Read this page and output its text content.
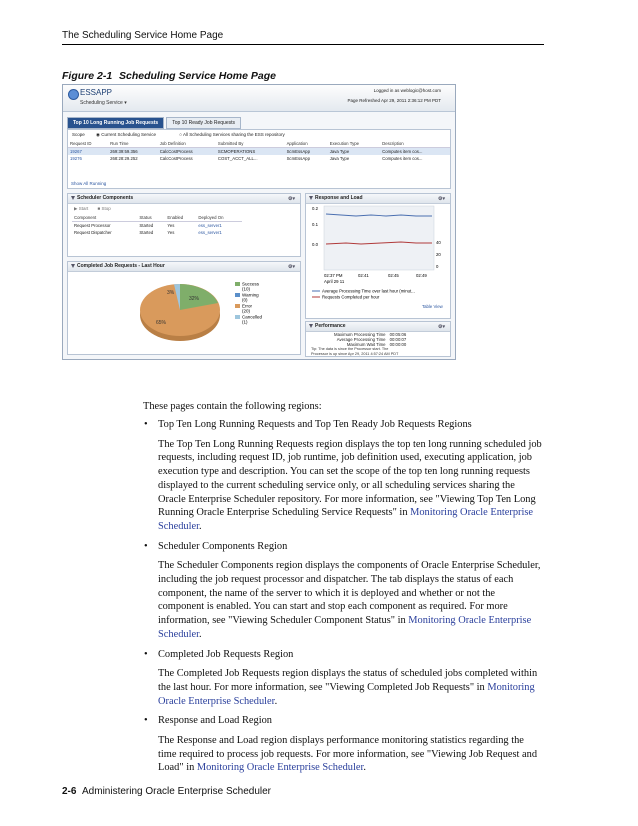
The Scheduling Service Home Page
Figure 2-1 Scheduling Service Home Page
ESSAPP
Scheduling Service ▾
Logged in as weblogic@host.com
Page Refreshed Apr 29, 2011 2:36:12 PM PDT
Top 10 Long Running Job Requests	Top 10 Ready Job Requests
Scope	◉ Current Scheduling Service	○ All Scheduling Services sharing the ESS repository
Request ID	Run Time	Job Definition	Submitted By	Application	Execution Type	Description
19267	269:39:59.356	CalcCostProcess	SCMOPERATIONS	ScmEssApp	Java Type	Computes item cos...
19276	268:28:29.252	CalcCostProcess	COST_ACCT_ALL...	ScmEssApp	Java Type	Computes item cos...
Show All Running
Scheduler Components	⚙▾
▶ Start ■ Stop
Component	Status	Enabled	Deployed On
Request Processor	Started	Yes	ess_server1
Request Dispatcher	Started	Yes	ess_server1
Completed Job Requests - Last Hour	⚙▾
3%
32%
65%
Success
(10)
Warning
(0)
Error
(20)
Cancelled
(1)
Response and Load	⚙▾
0.2
0.1
0.0	40
20
0
02:37 PM	02:41	02:45	02:49
April 29 11
Average Processing Time over last hour (minut...
Requests Completed per hour
Table View
Performance	⚙▾
Maximum Processing Time	00:05:06
Average Processing Time	00:00:07
Maximum Wait Time	00:00:00
Tip: The data is since the Processor start. The
Processor is up since Apr 29, 2011 4:57:24 AM PDT
These pages contain the following regions:
• Top Ten Long Running Requests and Top Ten Ready Job Requests Regions
The Top Ten Long Running Requests region displays the top ten long running scheduled job requests, including request ID, job runtime, job definition used, executing application, job execution type and description. You can set the scope of the top ten long running requests displayed to the current scheduling service only, or all scheduling services sharing the Oracle Enterprise Scheduler repository. For more information, see "Viewing Top Ten Long Running Oracle Enterprise Scheduling Service Requests" in Monitoring Oracle Enterprise Scheduler.
• Scheduler Components Region
The Scheduler Components region displays the components of Oracle Enterprise Scheduler, including the job request processor and dispatcher. The tab displays the status of each component, the name of the server to which it is deployed and whether or not the component is enabled. You can start and stop each component as required. For more information, see "Viewing Scheduler Component Status" in Monitoring Oracle Enterprise Scheduler.
• Completed Job Requests Region
The Completed Job Requests region displays the status of scheduled jobs completed within the last hour. For more information, see "Viewing Completed Job Requests" in Monitoring Oracle Enterprise Scheduler.
• Response and Load Region
The Response and Load region displays performance monitoring statistics regarding the time required to process job requests. For more information, see "Viewing Job Request and Load" in Monitoring Oracle Enterprise Scheduler.
2-6 Administering Oracle Enterprise Scheduler
